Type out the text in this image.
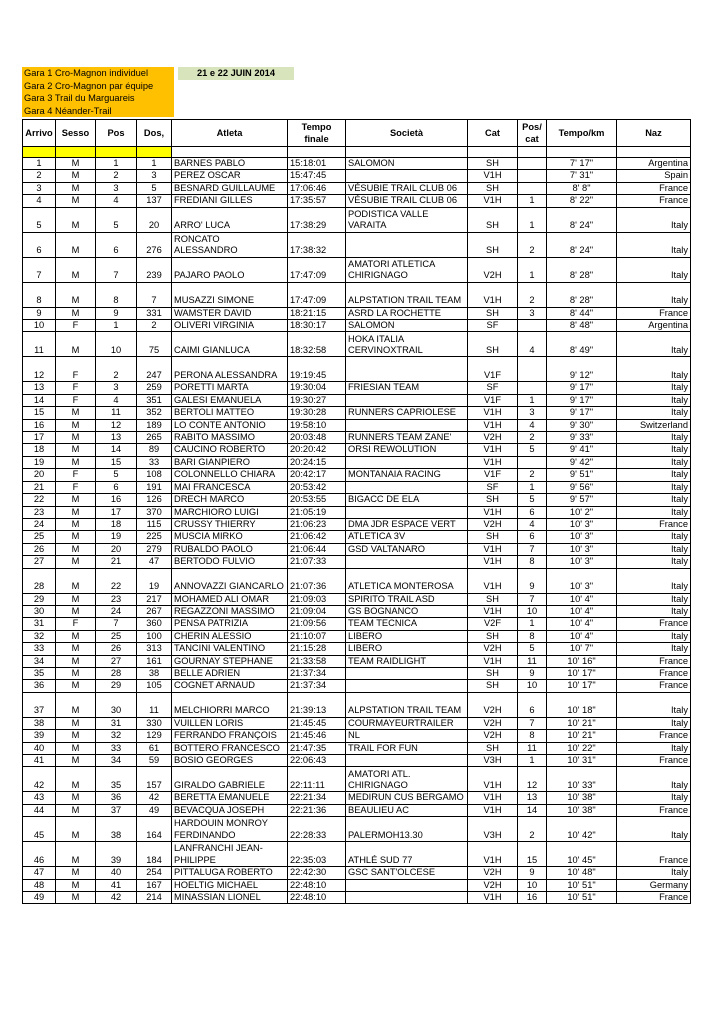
Gara 1 Cro-Magnon individuel
Gara 2 Cro-Magnon par équipe
Gara 3 Trail du Marguareis
Gara 4 Néander-Trail
21 e 22 JUIN 2014
Arrivo	Sesso	Pos	Dos,	Atleta	Tempo finale	Società	Cat	Pos/ cat	Tempo/km	Naz

1	M	1	1	BARNES PABLO	15:18:01	SALOMON	SH		7' 17"	Argentina
2	M	2	3	PEREZ OSCAR	15:47:45		V1H		7' 31"	Spain
3	M	3	5	BESNARD GUILLAUME	17:06:46	VÉSUBIE TRAIL CLUB 06	SH		8' 8"	France
4	M	4	137	FREDIANI GILLES	17:35:57	VÉSUBIE TRAIL CLUB 06	V1H	1	8' 22"	France
5	M	5	20	ARRO' LUCA	17:38:29	PODISTICA VALLE VARAITA	SH	1	8' 24"	Italy
6	M	6	276	RONCATO ALESSANDRO	17:38:32		SH	2	8' 24"	Italy
7	M	7	239	PAJARO PAOLO	17:47:09	AMATORI ATLETICA CHIRIGNAGO	V2H	1	8' 28"	Italy
8	M	8	7	MUSAZZI SIMONE	17:47:09	ALPSTATION TRAIL TEAM	V1H	2	8' 28"	Italy
9	M	9	331	WAMSTER DAVID	18:21:15	ASRD LA ROCHETTE	SH	3	8' 44"	France
10	F	1	2	OLIVERI VIRGINIA	18:30:17	SALOMON	SF		8' 48"	Argentina
11	M	10	75	CAIMI GIANLUCA	18:32:58	HOKA ITALIA CERVINOXTRAIL	SH	4	8' 49"	Italy
12	F	2	247	PERONA ALESSANDRA	19:19:45		V1F		9' 12"	Italy
13	F	3	259	PORETTI MARTA	19:30:04	FRIESIAN TEAM	SF		9' 17"	Italy
14	F	4	351	GALESI EMANUELA	19:30:27		V1F	1	9' 17"	Italy
15	M	11	352	BERTOLI MATTEO	19:30:28	RUNNERS CAPRIOLESE	V1H	3	9' 17"	Italy
16	M	12	189	LO CONTE ANTONIO	19:58:10		V1H	4	9' 30"	Switzerland
17	M	13	265	RABITO MASSIMO	20:03:48	RUNNERS TEAM ZANE'	V2H	2	9' 33"	Italy
18	M	14	89	CAUCINO ROBERTO	20:20:42	ORSI REWOLUTION	V1H	5	9' 41"	Italy
19	M	15	33	BARI GIANPIERO	20:24:15		V1H		9' 42"	Italy
20	F	5	108	COLONNELLO CHIARA	20:42:17	MONTANAIA RACING	V1F	2	9' 51"	Italy
21	F	6	191	MAI FRANCESCA	20:53:42		SF	1	9' 56"	Italy
22	M	16	126	DRECH MARCO	20:53:55	BIGACC DE ELA	SH	5	9' 57"	Italy
23	M	17	370	MARCHIORO LUIGI	21:05:19		V1H	6	10' 2"	Italy
24	M	18	115	CRUSSY THIERRY	21:06:23	DMA JDR ESPACE VERT	V2H	4	10' 3"	France
25	M	19	225	MUSCIA MIRKO	21:06:42	ATLETICA 3V	SH	6	10' 3"	Italy
26	M	20	279	RUBALDO PAOLO	21:06:44	GSD VALTANARO	V1H	7	10' 3"	Italy
27	M	21	47	BERTODO FULVIO	21:07:33		V1H	8	10' 3"	Italy
28	M	22	19	ANNOVAZZI GIANCARLO	21:07:36	ATLETICA MONTEROSA	V1H	9	10' 3"	Italy
29	M	23	217	MOHAMED ALI OMAR	21:09:03	SPIRITO TRAIL ASD	SH	7	10' 4"	Italy
30	M	24	267	REGAZZONI MASSIMO	21:09:04	GS BOGNANCO	V1H	10	10' 4"	Italy
31	F	7	360	PENSA PATRIZIA	21:09:56	TEAM TECNICA	V2F	1	10' 4"	France
32	M	25	100	CHERIN ALESSIO	21:10:07	LIBERO	SH	8	10' 4"	Italy
33	M	26	313	TANCINI VALENTINO	21:15:28	LIBERO	V2H	5	10' 7"	Italy
34	M	27	161	GOURNAY STEPHANE	21:33:58	TEAM RAIDLIGHT	V1H	11	10' 16"	France
35	M	28	38	BELLE ADRIEN	21:37:34		SH	9	10' 17"	France
36	M	29	105	COGNET ARNAUD	21:37:34		SH	10	10' 17"	France
37	M	30	11	MELCHIORRI MARCO	21:39:13	ALPSTATION TRAIL TEAM	V2H	6	10' 18"	Italy
38	M	31	330	VUILLEN LORIS	21:45:45	COURMAYEURTRAILER	V2H	7	10' 21"	Italy
39	M	32	129	FERRANDO FRANÇOIS	21:45:46	NL	V2H	8	10' 21"	France
40	M	33	61	BOTTERO FRANCESCO	21:47:35	TRAIL FOR FUN	SH	11	10' 22"	Italy
41	M	34	59	BOSIO GEORGES	22:06:43		V3H	1	10' 31"	France
42	M	35	157	GIRALDO GABRIELE	22:11:11	AMATORI ATL. CHIRIGNAGO	V1H	12	10' 33"	Italy
43	M	36	42	BERETTA EMANUELE	22:21:34	MEDIRUN CUS BERGAMO	V1H	13	10' 38"	Italy
44	M	37	49	BEVACQUA JOSEPH	22:21:36	BEAULIEU AC	V1H	14	10' 38"	France
45	M	38	164	HARDOUIN MONROY FERDINANDO	22:28:33	PALERMOH13.30	V3H	2	10' 42"	Italy
46	M	39	184	LANFRANCHI JEAN-PHILIPPE	22:35:03	ATHLÉ SUD 77	V1H	15	10' 45"	France
47	M	40	254	PITTALUGA ROBERTO	22:42:30	GSC SANT'OLCESE	V2H	9	10' 48"	Italy
48	M	41	167	HOELTIG MICHAEL	22:48:10		V2H	10	10' 51"	Germany
49	M	42	214	MINASSIAN LIONEL	22:48:10		V1H	16	10' 51"	France
